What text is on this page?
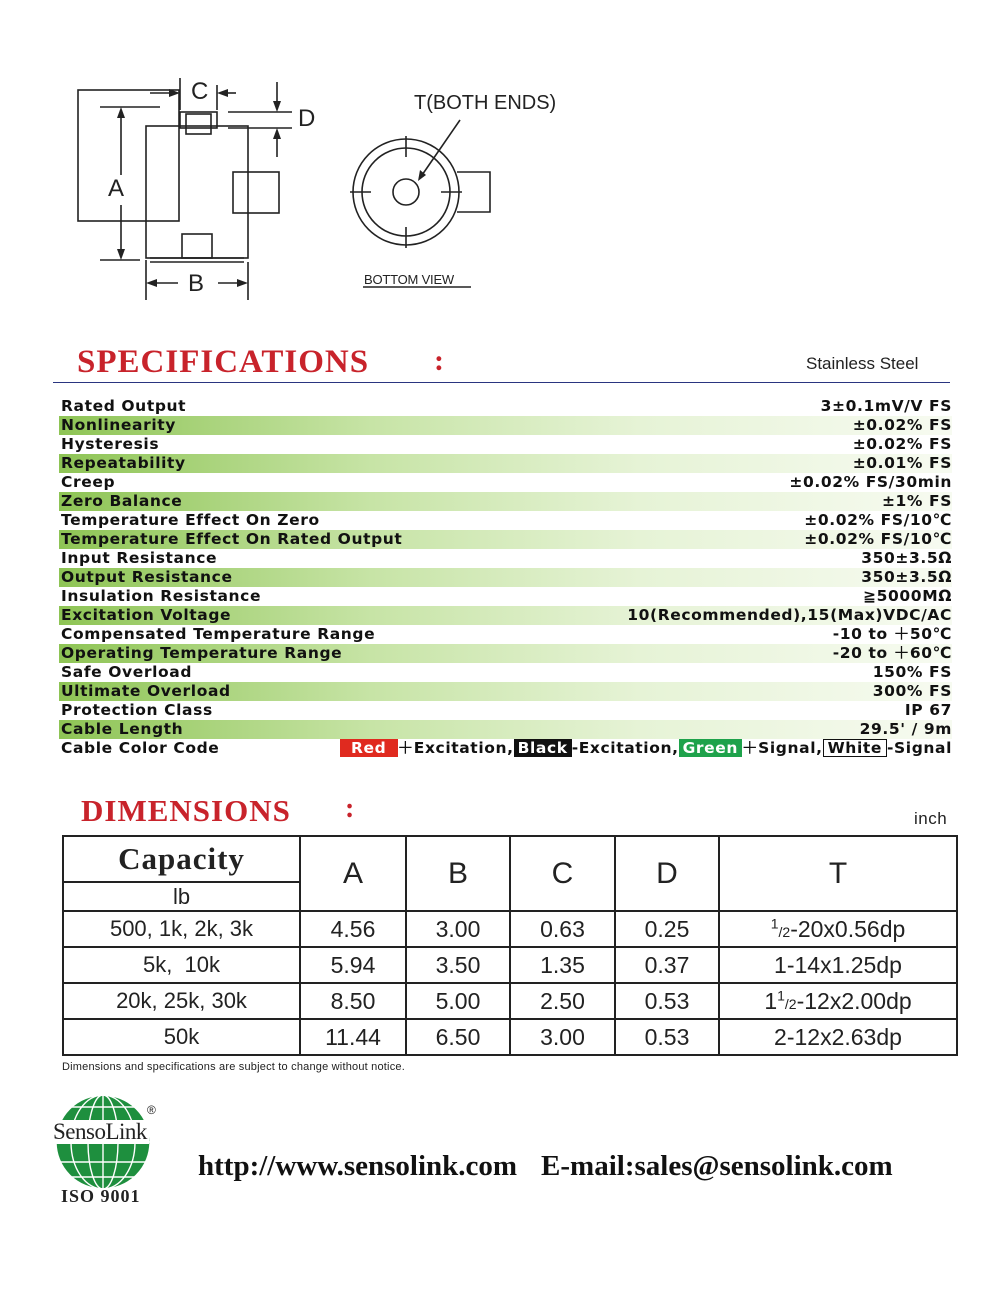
A
B
C
D
T(BOTH ENDS)
BOTTOM VIEW
SPECIFICATIONS :	Stainless Steel
Rated Output	3±0.1mV/V FS
Nonlinearity	±0.02% FS
Hysteresis	±0.02% FS
Repeatability	±0.01% FS
Creep	±0.02% FS/30min
Zero Balance	±1% FS
Temperature Effect On Zero	±0.02% FS/10℃
Temperature Effect On Rated Output	±0.02% FS/10℃
Input Resistance	350±3.5Ω
Output Resistance	350±3.5Ω
Insulation Resistance	≧5000MΩ
Excitation Voltage	10(Recommended),15(Max)VDC/AC
Compensated Temperature Range	-10 to ＋50℃
Operating Temperature Range	-20 to ＋60℃
Safe Overload	150% FS
Ultimate Overload	300% FS
Protection Class	IP 67
Cable Length	29.5' / 9m
Cable Color Code	Red ＋Excitation, Black -Excitation, Green ＋Signal, White -Signal
DIMENSIONS :	inch
Capacity	A	B	C	D	T
lb					
500, 1k, 2k, 3k	4.56	3.00	0.63	0.25	$^1$/2-20x0.56dp
5k,  10k	5.94	3.50	1.35	0.37	1-14x1.25dp
20k, 25k, 30k	8.50	5.00	2.50	0.53	$1^1/2-12x2.00dp$
50k	11.44	6.50	3.00	0.53	2-12x2.63dp
Dimensions and specifications are subject to change without notice.
SensoLink
®
ISO 9001
http://www.sensolink.com E-mail:sales@sensolink.com
